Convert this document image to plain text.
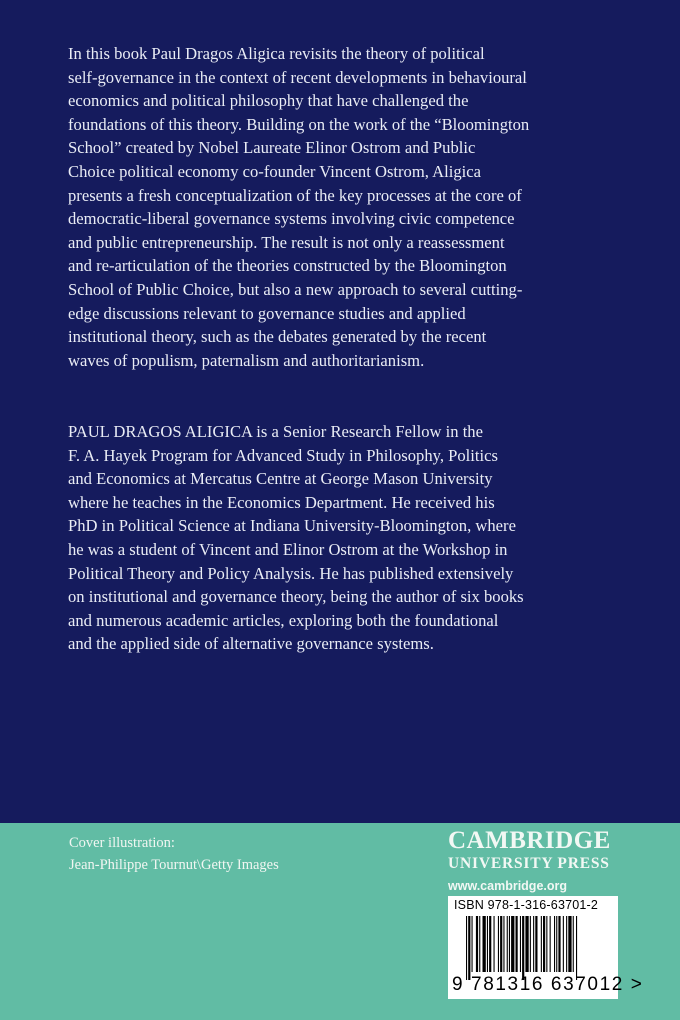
In this book Paul Dragos Aligica revisits the theory of political
self-governance in the context of recent developments in behavioural
economics and political philosophy that have challenged the
foundations of this theory. Building on the work of the “Bloomington
School” created by Nobel Laureate Elinor Ostrom and Public
Choice political economy co-founder Vincent Ostrom, Aligica
presents a fresh conceptualization of the key processes at the core of
democratic-liberal governance systems involving civic competence
and public entrepreneurship. The result is not only a reassessment
and re-articulation of the theories constructed by the Bloomington
School of Public Choice, but also a new approach to several cutting-
edge discussions relevant to governance studies and applied
institutional theory, such as the debates generated by the recent
waves of populism, paternalism and authoritarianism.
PAUL DRAGOS ALIGICA is a Senior Research Fellow in the
F. A. Hayek Program for Advanced Study in Philosophy, Politics
and Economics at Mercatus Centre at George Mason University
where he teaches in the Economics Department. He received his
PhD in Political Science at Indiana University-Bloomington, where
he was a student of Vincent and Elinor Ostrom at the Workshop in
Political Theory and Policy Analysis. He has published extensively
on institutional and governance theory, being the author of six books
and numerous academic articles, exploring both the foundational
and the applied side of alternative governance systems.
Cover illustration:
Jean-Philippe Tournut\Getty Images
CAMBRIDGE
UNIVERSITY PRESS
www.cambridge.org
ISBN 978-1-316-63701-2
9 781316 637012 >
